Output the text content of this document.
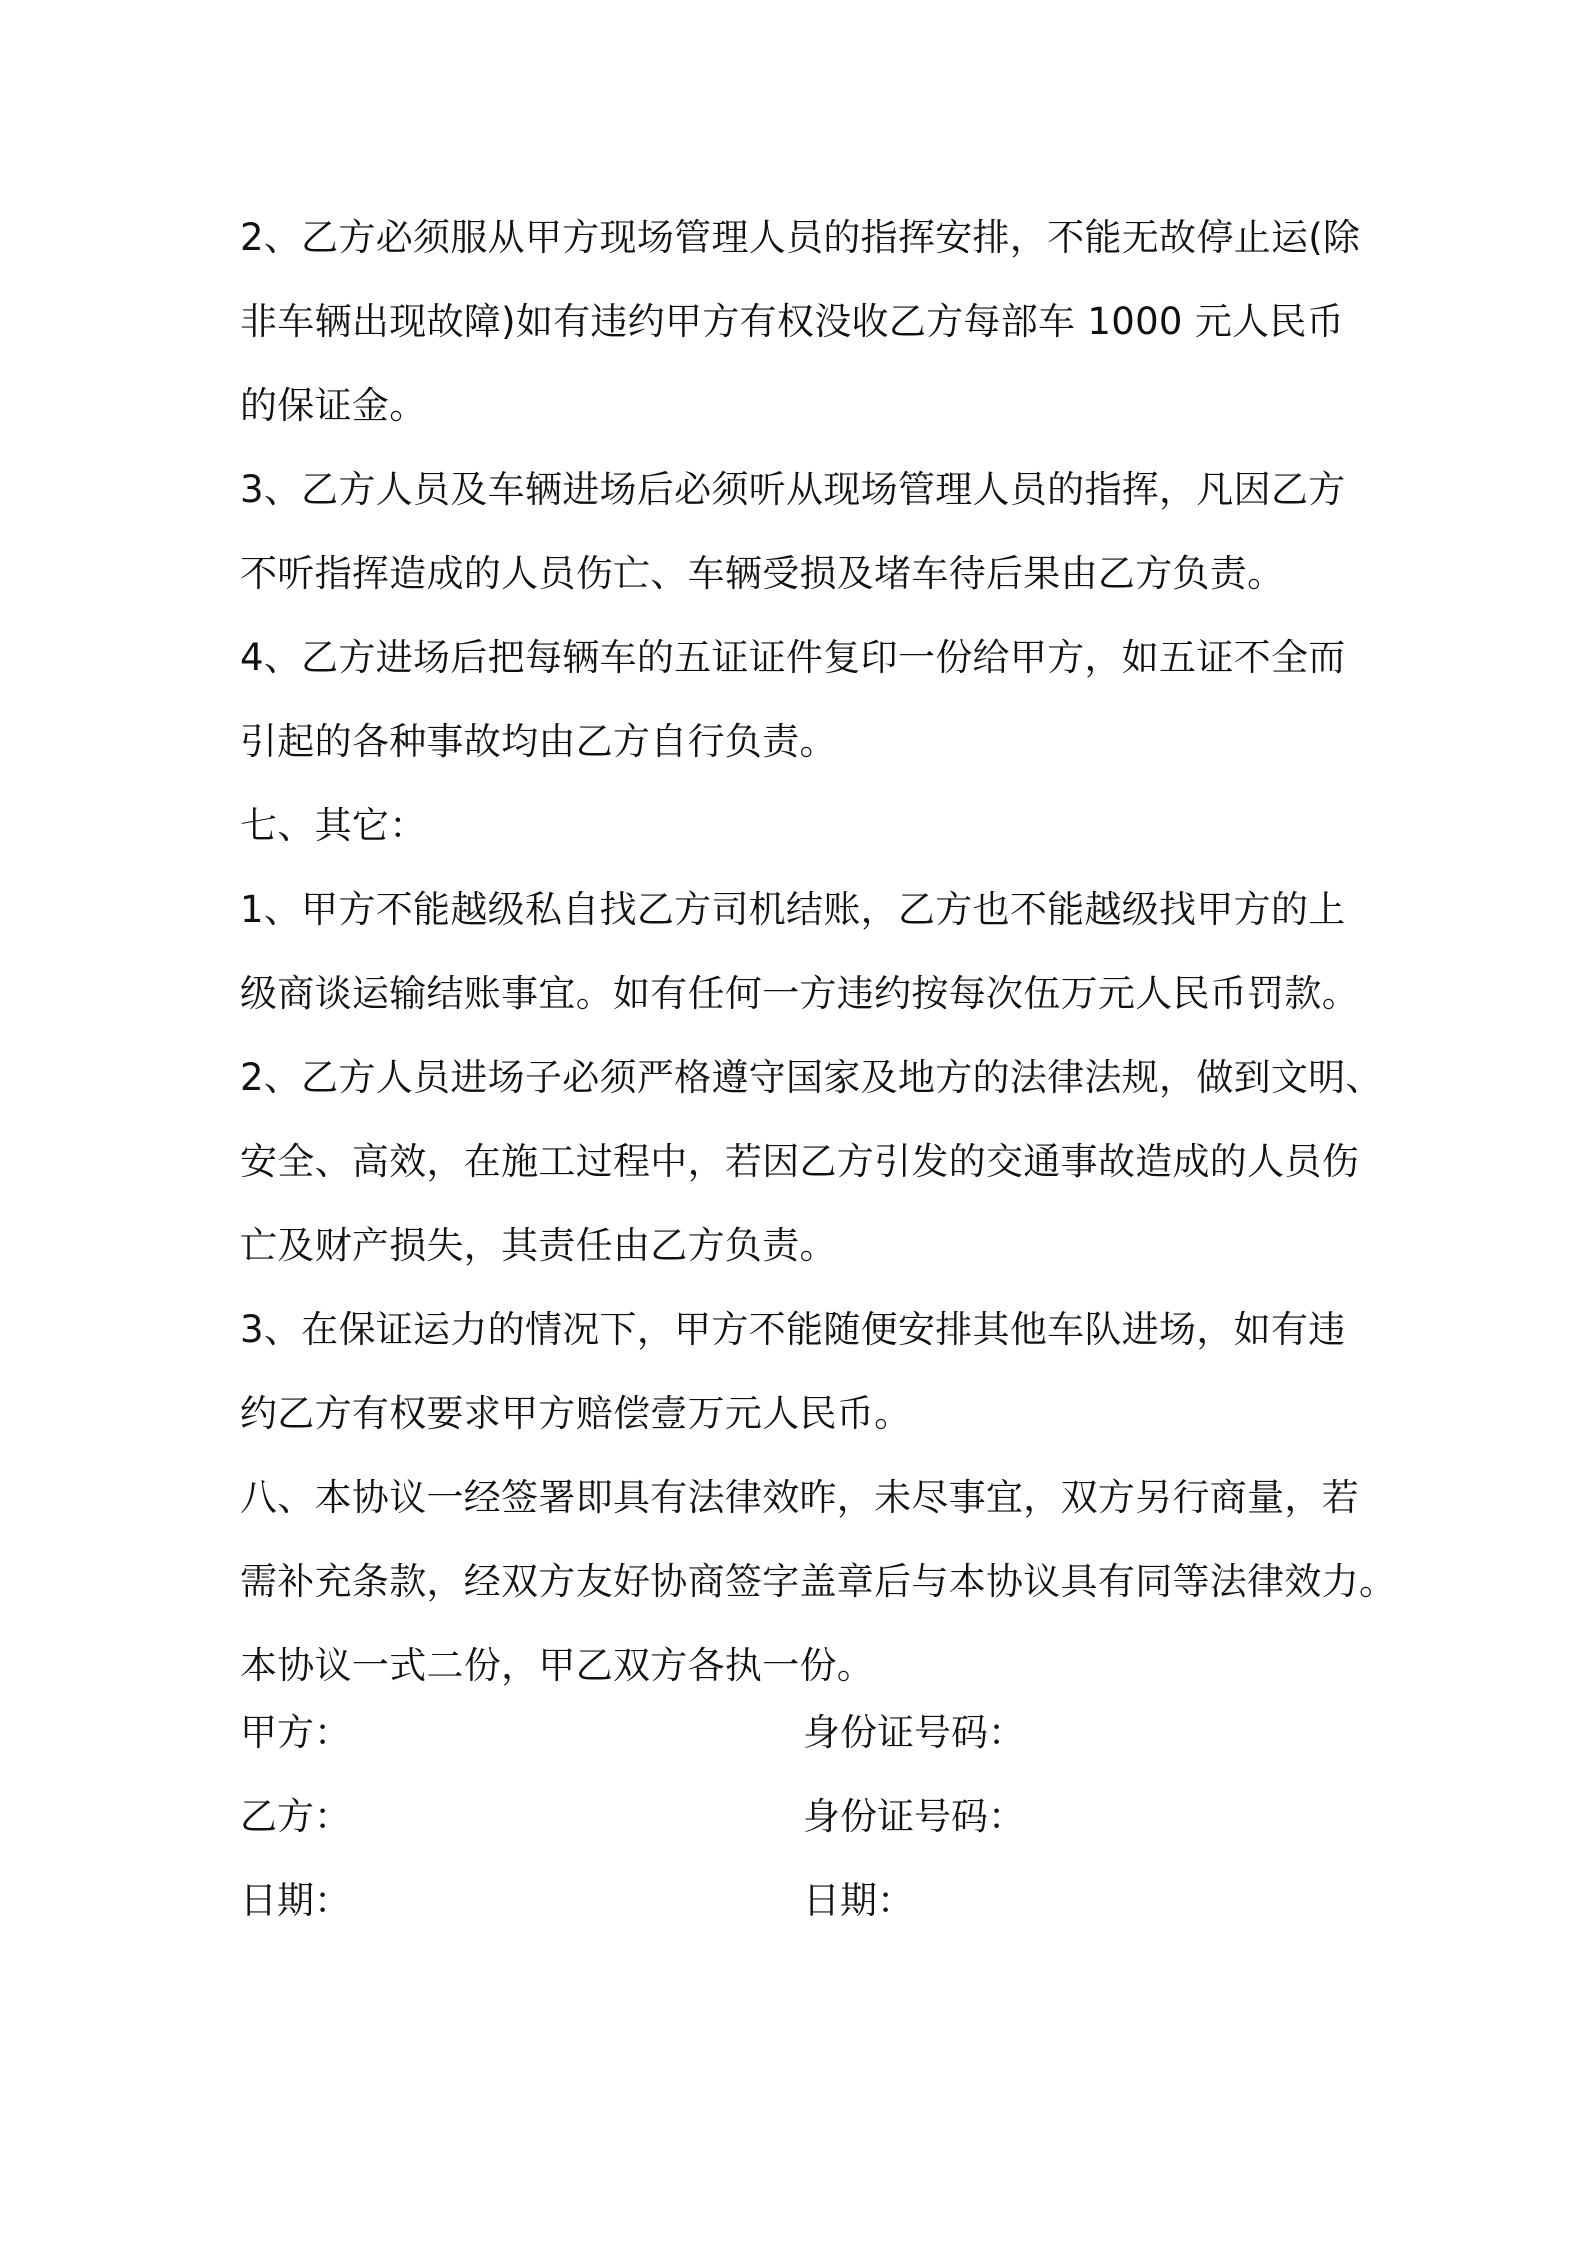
2、乙方必须服从甲方现场管理人员的指挥安排，不能无故停止运(除
非车辆出现故障)如有违约甲方有权没收乙方每部车 1000 元人民币
的保证金。
3、乙方人员及车辆进场后必须听从现场管理人员的指挥，凡因乙方
不听指挥造成的人员伤亡、车辆受损及堵车待后果由乙方负责。
4、乙方进场后把每辆车的五证证件复印一份给甲方，如五证不全而
引起的各种事故均由乙方自行负责。
七、其它：
1、甲方不能越级私自找乙方司机结账，乙方也不能越级找甲方的上
级商谈运输结账事宜。如有任何一方违约按每次伍万元人民币罚款。
2、乙方人员进场子必须严格遵守国家及地方的法律法规，做到文明、
安全、高效，在施工过程中，若因乙方引发的交通事故造成的人员伤
亡及财产损失，其责任由乙方负责。
3、在保证运力的情况下，甲方不能随便安排其他车队进场，如有违
约乙方有权要求甲方赔偿壹万元人民币。
八、本协议一经签署即具有法律效昨，未尽事宜，双方另行商量，若
需补充条款，经双方友好协商签字盖章后与本协议具有同等法律效力。
本协议一式二份，甲乙双方各执一份。
甲方：	身份证号码：
乙方：	身份证号码：
日期：	日期：
